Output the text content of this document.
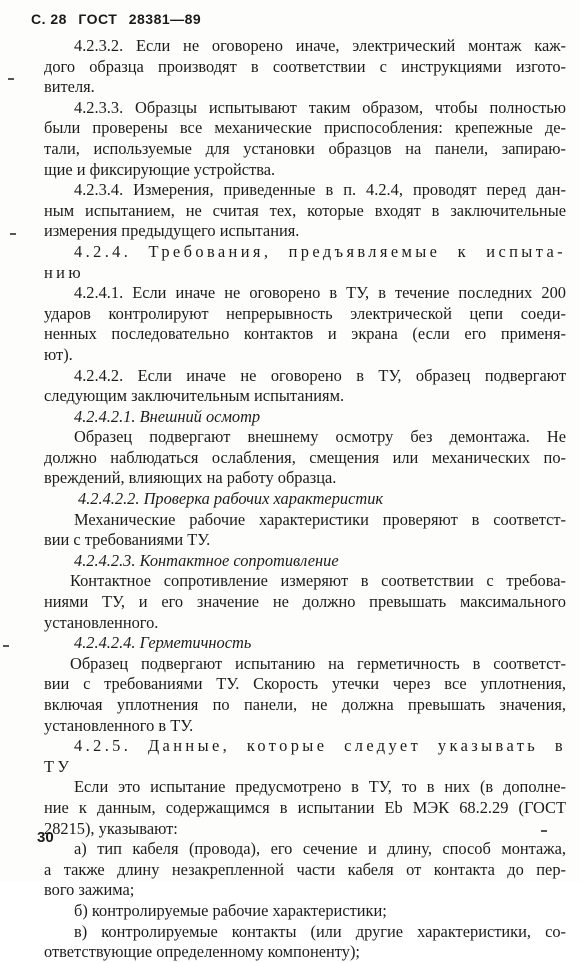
С. 28 ГОСТ 28381—89
4.2.3.2. Если не оговорено иначе, электрический монтаж каж-
дого образца производят в соответствии с инструкциями изгото-
вителя.
4.2.3.3. Образцы испытывают таким образом, чтобы полностью
были проверены все механические приспособления: крепежные де-
тали, используемые для установки образцов на панели, запираю-
щие и фиксирующие устройства.
4.2.3.4. Измерения, приведенные в п. 4.2.4, проводят перед дан-
ным испытанием, не считая тех, которые входят в заключительные
измерения предыдущего испытания.
4.2.4. Требования, предъявляемые к испыта-
нию
4.2.4.1. Если иначе не оговорено в ТУ, в течение последних 200
ударов контролируют непрерывность электрической цепи соеди-
ненных последовательно контактов и экрана (если его применя-
ют).
4.2.4.2. Если иначе не оговорено в ТУ, образец подвергают
следующим заключительным испытаниям.
4.2.4.2.1. Внешний осмотр
Образец подвергают внешнему осмотру без демонтажа. Не
должно наблюдаться ослабления, смещения или механических по-
вреждений, влияющих на работу образца.
4.2.4.2.2. Проверка рабочих характеристик
Механические рабочие характеристики проверяют в соответст-
вии с требованиями ТУ.
4.2.4.2.3. Контактное сопротивление
Контактное сопротивление измеряют в соответствии с требова-
ниями ТУ, и его значение не должно превышать максимального
установленного.
4.2.4.2.4. Герметичность
Образец подвергают испытанию на герметичность в соответст-
вии с требованиями ТУ. Скорость утечки через все уплотнения,
включая уплотнения по панели, не должна превышать значения,
установленного в ТУ.
4.2.5. Данные, которые следует указывать в
ТУ
Если это испытание предусмотрено в ТУ, то в них (в дополне-
ние к данным, содержащимся в испытании Еb МЭК 68.2.29 (ГОСТ
28215), указывают:
а) тип кабеля (провода), его сечение и длину, способ монтажа,
а также длину незакрепленной части кабеля от контакта до пер-
вого зажима;
б) контролируемые рабочие характеристики;
в) контролируемые контакты (или другие характеристики, со-
ответствующие определенному компоненту);
30
